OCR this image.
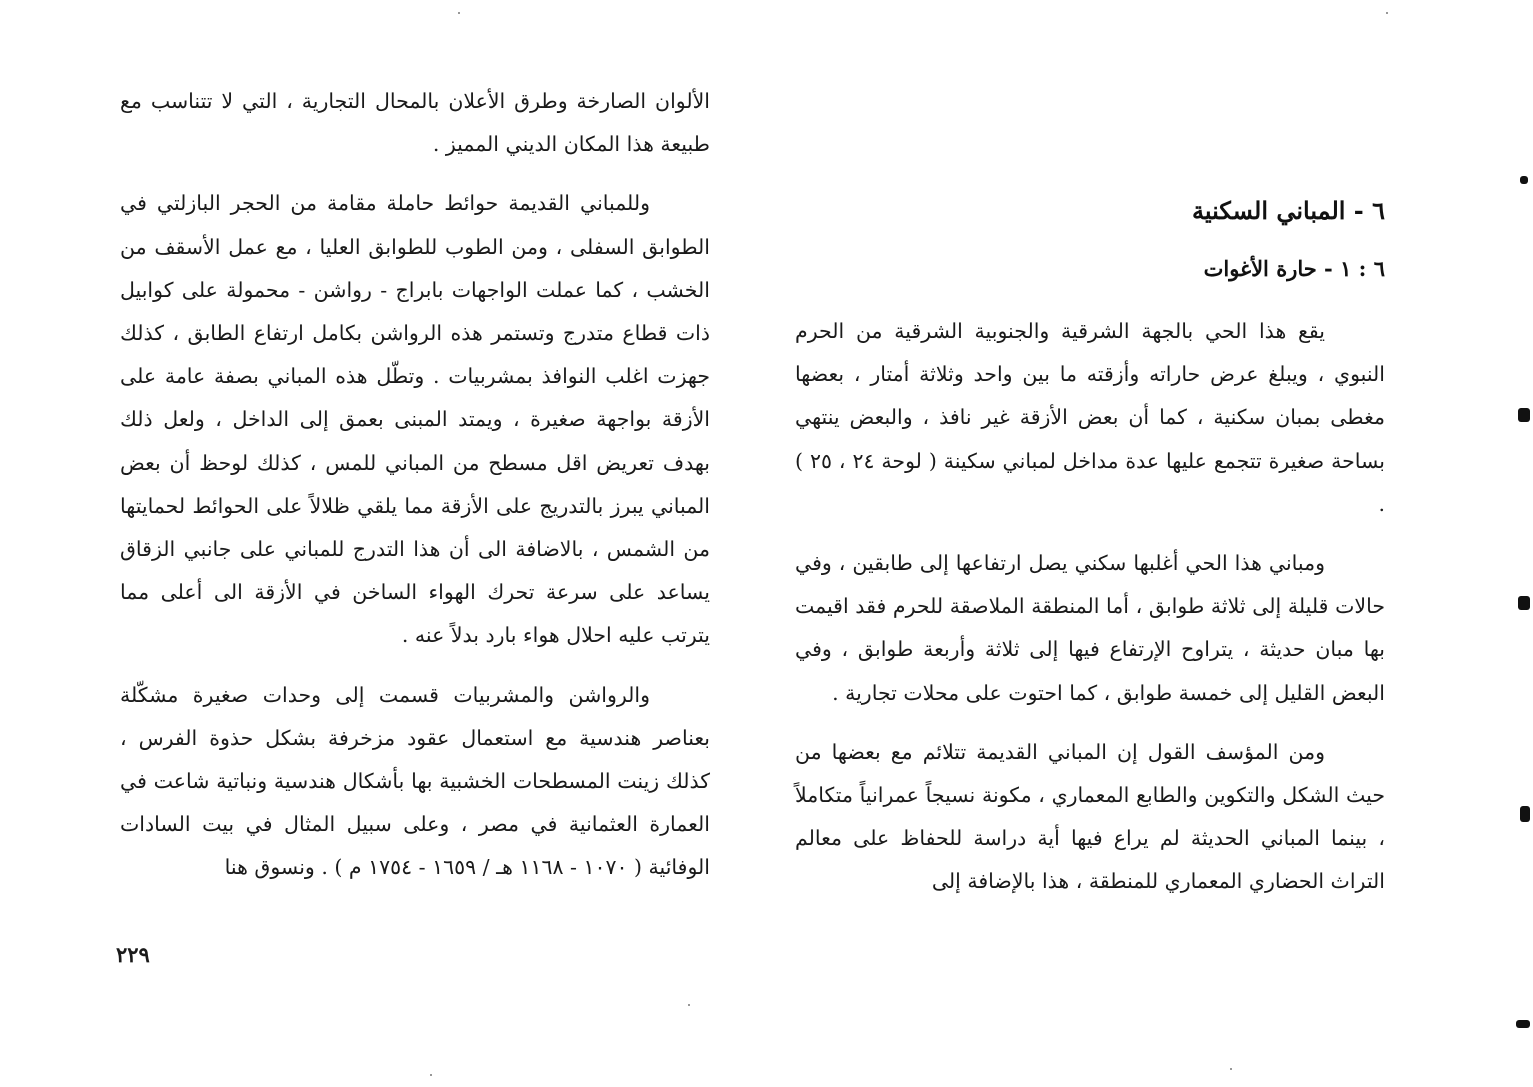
الألوان الصارخة وطرق الأعلان بالمحال التجارية ، التي لا تتناسب مع طبيعة هذا المكان الديني المميز .

وللمباني القديمة حوائط حاملة مقامة من الحجر البازلتي في الطوابق السفلى ، ومن الطوب للطوابق العليا ، مع عمل الأسقف من الخشب ، كما عملت الواجهات بابراج - رواشن - محمولة على كوابيل ذات قطاع متدرج وتستمر هذه الرواشن بكامل ارتفاع الطابق ، كذلك جهزت اغلب النوافذ بمشربيات . وتطّل هذه المباني بصفة عامة على الأزقة بواجهة صغيرة ، ويمتد المبنى بعمق إلى الداخل ، ولعل ذلك بهدف تعريض اقل مسطح من المباني للمس ، كذلك لوحظ أن بعض المباني يبرز بالتدريج على الأزقة مما يلقي ظلالاً على الحوائط لحمايتها من الشمس ، بالاضافة الى أن هذا التدرج للمباني على جانبي الزقاق يساعد على سرعة تحرك الهواء الساخن في الأزقة الى أعلى مما يترتب عليه احلال هواء بارد بدلاً عنه .

والرواشن والمشربيات قسمت إلى وحدات صغيرة مشكّلة بعناصر هندسية مع استعمال عقود مزخرفة بشكل حذوة الفرس ، كذلك زينت المسطحات الخشبية بها بأشكال هندسية ونباتية شاعت في العمارة العثمانية في مصر ، وعلى سبيل المثال في بيت السادات الوفائية ( ١٠٧٠ - ١١٦٨ هـ / ١٦٥٩ - ١٧٥٤ م ) . ونسوق هنا

٢٢٩
٦ - المباني السكنية
٦ : ١ - حارة الأغوات

يقع هذا الحي بالجهة الشرقية والجنوبية الشرقية من الحرم النبوي ، ويبلغ عرض حاراته وأزقته ما بين واحد وثلاثة أمتار ، بعضها مغطى بمبان سكنية ، كما أن بعض الأزقة غير نافذ ، والبعض ينتهي بساحة صغيرة تتجمع عليها عدة مداخل لمباني سكينة ( لوحة ٢٤ ، ٢٥ ) .

ومباني هذا الحي أغلبها سكني يصل ارتفاعها إلى طابقين ، وفي حالات قليلة إلى ثلاثة طوابق ، أما المنطقة الملاصقة للحرم فقد اقيمت بها مبان حديثة ، يتراوح الإرتفاع فيها إلى ثلاثة وأربعة طوابق ، وفي البعض القليل إلى خمسة طوابق ، كما احتوت على محلات تجارية .

ومن المؤسف القول إن المباني القديمة تتلائم مع بعضها من حيث الشكل والتكوين والطابع المعماري ، مكونة نسيجاً عمرانياً متكاملاً ، بينما المباني الحديثة لم يراع فيها أية دراسة للحفاظ على معالم التراث الحضاري المعماري للمنطقة ، هذا بالإضافة إلى
